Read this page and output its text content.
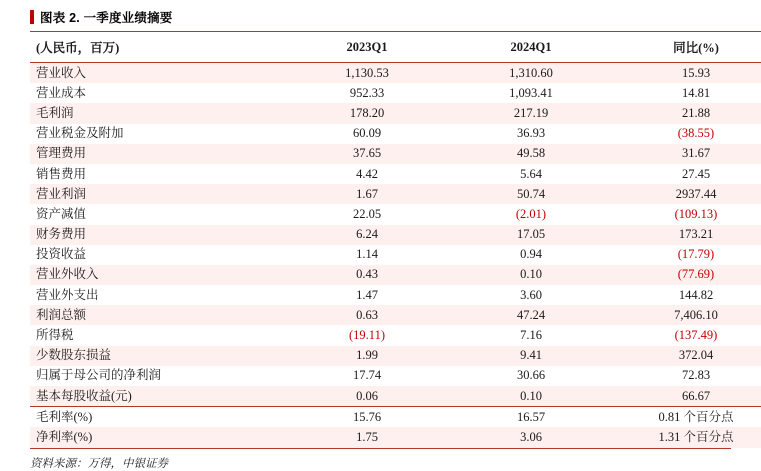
图表 2. 一季度业绩摘要
(人民币，百万)	2023Q1	2024Q1	同比(%)
营业收入	1,130.53	1,310.60	15.93
营业成本	952.33	1,093.41	14.81
毛利润	178.20	217.19	21.88
营业税金及附加	60.09	36.93	(38.55)
管理费用	37.65	49.58	31.67
销售费用	4.42	5.64	27.45
营业利润	1.67	50.74	2937.44
资产减值	22.05	(2.01)	(109.13)
财务费用	6.24	17.05	173.21
投资收益	1.14	0.94	(17.79)
营业外收入	0.43	0.10	(77.69)
营业外支出	1.47	3.60	144.82
利润总额	0.63	47.24	7,406.10
所得税	(19.11)	7.16	(137.49)
少数股东损益	1.99	9.41	372.04
归属于母公司的净利润	17.74	30.66	72.83
基本每股收益(元)	0.06	0.10	66.67
毛利率(%)	15.76	16.57	0.81 个百分点
净利率(%)	1.75	3.06	1.31 个百分点
资料来源：万得，中银证券
